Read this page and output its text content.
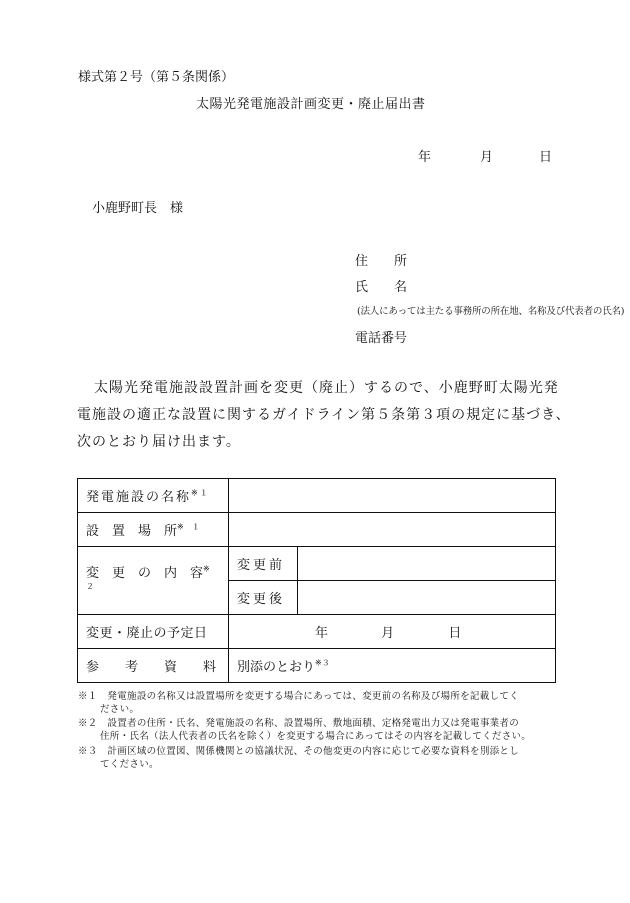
様式第２号（第５条関係）
太陽光発電施設計画変更・廃止届出書
年	月	日
小鹿野町長　様
住　　所
氏　　名
(法人にあっては主たる事務所の所在地、名称及び代表者の氏名)
電話番号
太陽光発電施設設置計画を変更（廃止）するので、小鹿野町太陽光発
電施設の適正な設置に関するガイドライン第５条第３項の規定に基づき、
次のとおり届け出ます。
発電施設の名称$^{※1}$	
設　置　場　所$^{※ 1}$	
変　更　の　内　容$^{※ 2}$	変更前	
	変更後	
変更・廃止の予定日	年 月 日	
参　　考　　資　　料	別添のとおり$^{※3}$
※１　 発電施設の名称又は設置場所を変更する場合にあっては、変更前の名称及び場所を記載してく
ださい。
※２　 設置者の住所・氏名、発電施設の名称、設置場所、敷地面積、定格発電出力又は発電事業者の
住所・氏名（法人代表者の氏名を除く）を変更する場合にあってはその内容を記載してください。
※３　 計画区域の位置図、関係機関との協議状況、その他変更の内容に応じて必要な資料を別添とし
てください。
